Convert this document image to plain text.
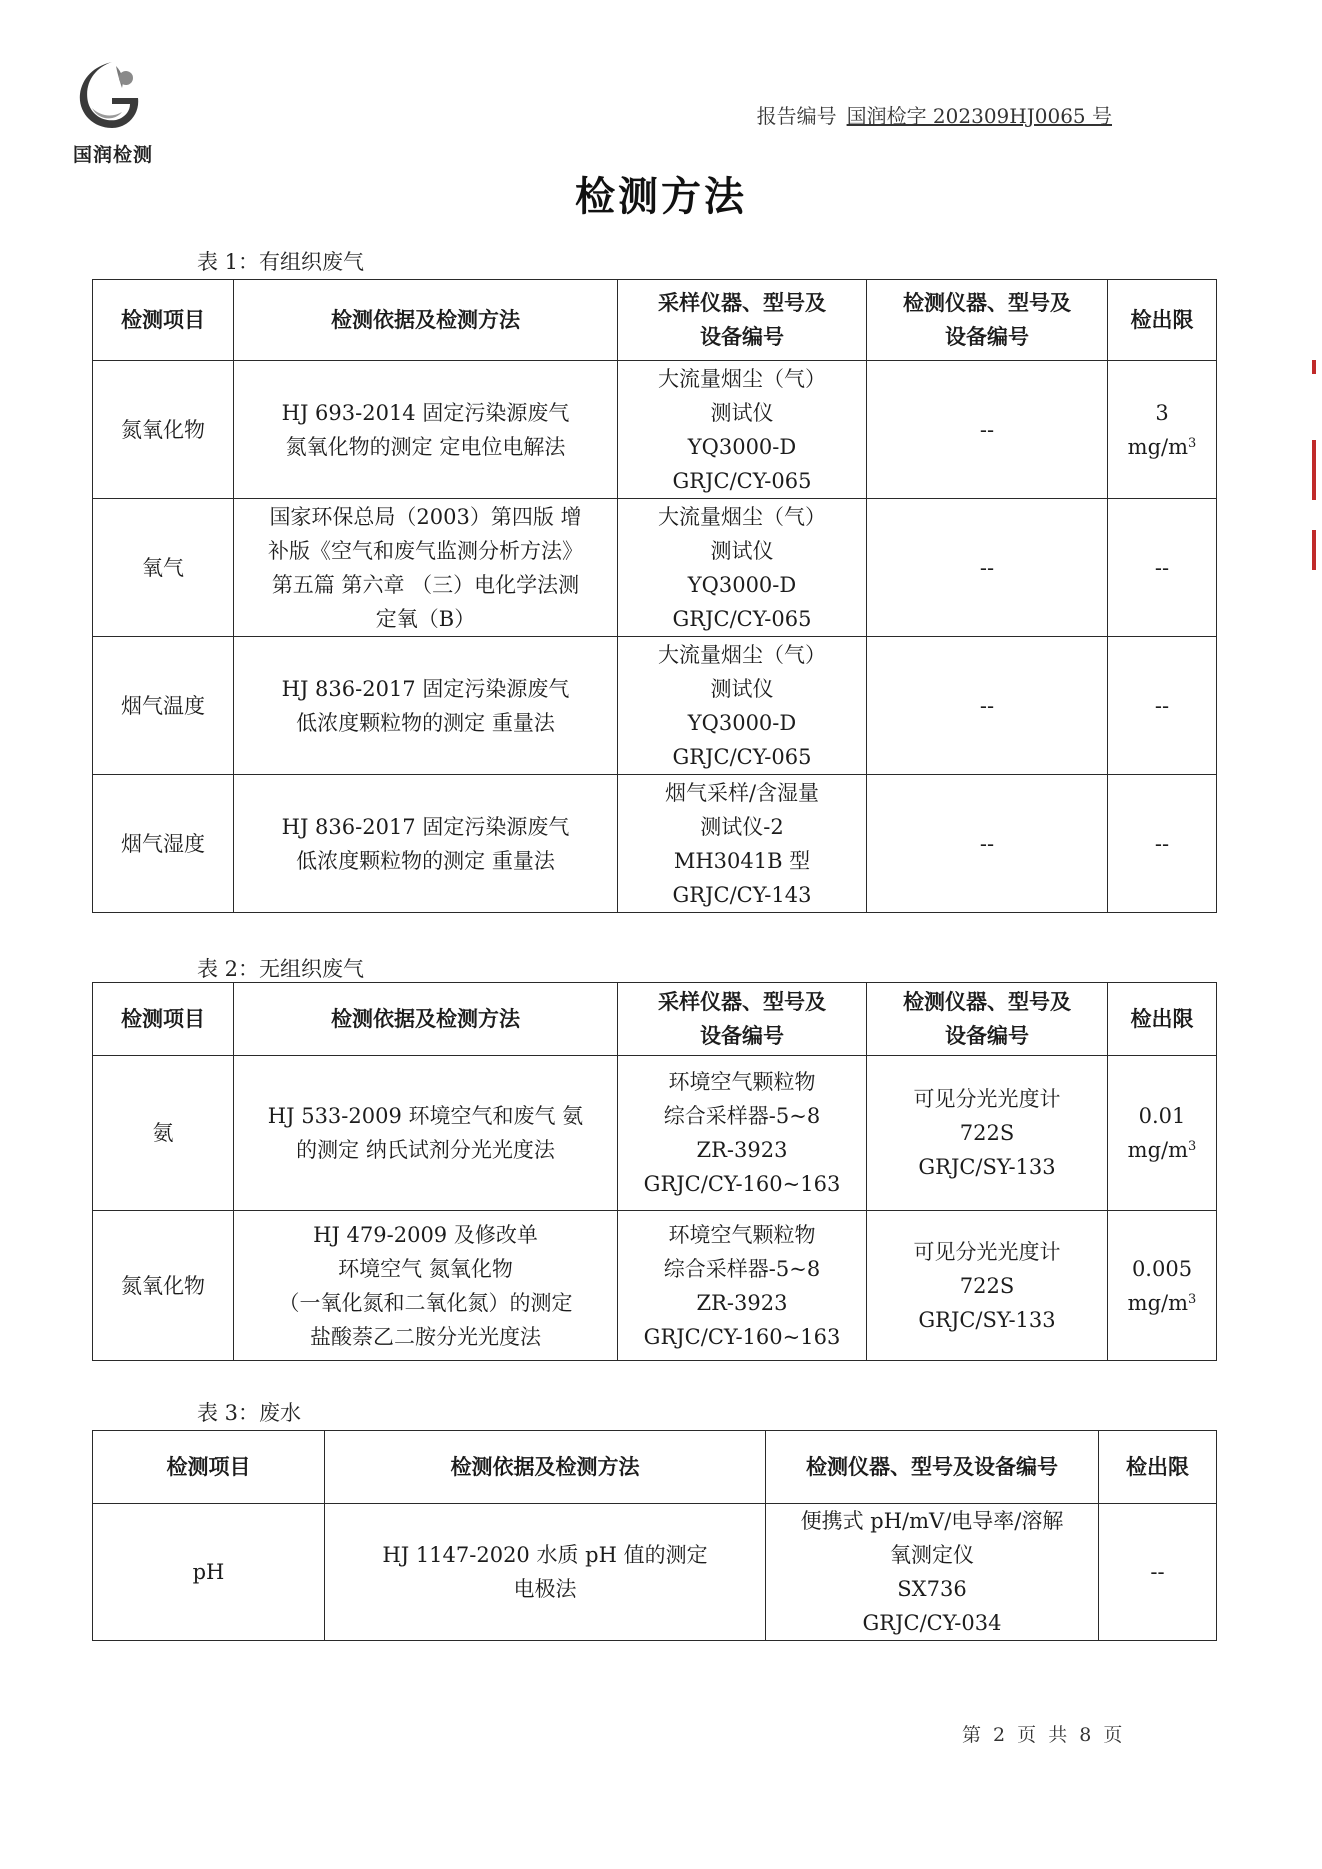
国润检测
报告编号 国润检字 202309HJ0065 号
检测方法
表 1：有组织废气
检测项目	检测依据及检测方法	采样仪器、型号及
设备编号	检测仪器、型号及
设备编号	检出限

氮氧化物	HJ 693-2014 固定污染源废气
氮氧化物的测定 定电位电解法	大流量烟尘（气）
测试仪
YQ3000-D
GRJC/CY-065	--	3
$mg/m^3$

氧气	国家环保总局（2003）第四版 增
补版《空气和废气监测分析方法》
第五篇 第六章 （三）电化学法测
定氧（B）	大流量烟尘（气）
测试仪
YQ3000-D
GRJC/CY-065	--	--

烟气温度	HJ 836-2017 固定污染源废气
低浓度颗粒物的测定 重量法	大流量烟尘（气）
测试仪
YQ3000-D
GRJC/CY-065	--	--

烟气湿度	HJ 836-2017 固定污染源废气
低浓度颗粒物的测定 重量法	烟气采样/含湿量
测试仪-2
MH3041B 型
GRJC/CY-143	--	--
表 2：无组织废气
检测项目	检测依据及检测方法	采样仪器、型号及
设备编号	检测仪器、型号及
设备编号	检出限

氨	HJ 533-2009 环境空气和废气 氨
的测定 纳氏试剂分光光度法	环境空气颗粒物
综合采样器-5~8
ZR-3923
GRJC/CY-160~163	可见分光光度计
722S
GRJC/SY-133	0.01
$mg/m^3$

氮氧化物	HJ 479-2009 及修改单
环境空气 氮氧化物
（一氧化氮和二氧化氮）的测定
盐酸萘乙二胺分光光度法	环境空气颗粒物
综合采样器-5~8
ZR-3923
GRJC/CY-160~163	可见分光光度计
722S
GRJC/SY-133	0.005
$mg/m^3$
表 3：废水
检测项目	检测依据及检测方法	检测仪器、型号及设备编号	检出限

pH	HJ 1147-2020 水质 pH 值的测定
电极法	便携式 pH/mV/电导率/溶解
氧测定仪
SX736
GRJC/CY-034	--
第 2 页 共 8 页
